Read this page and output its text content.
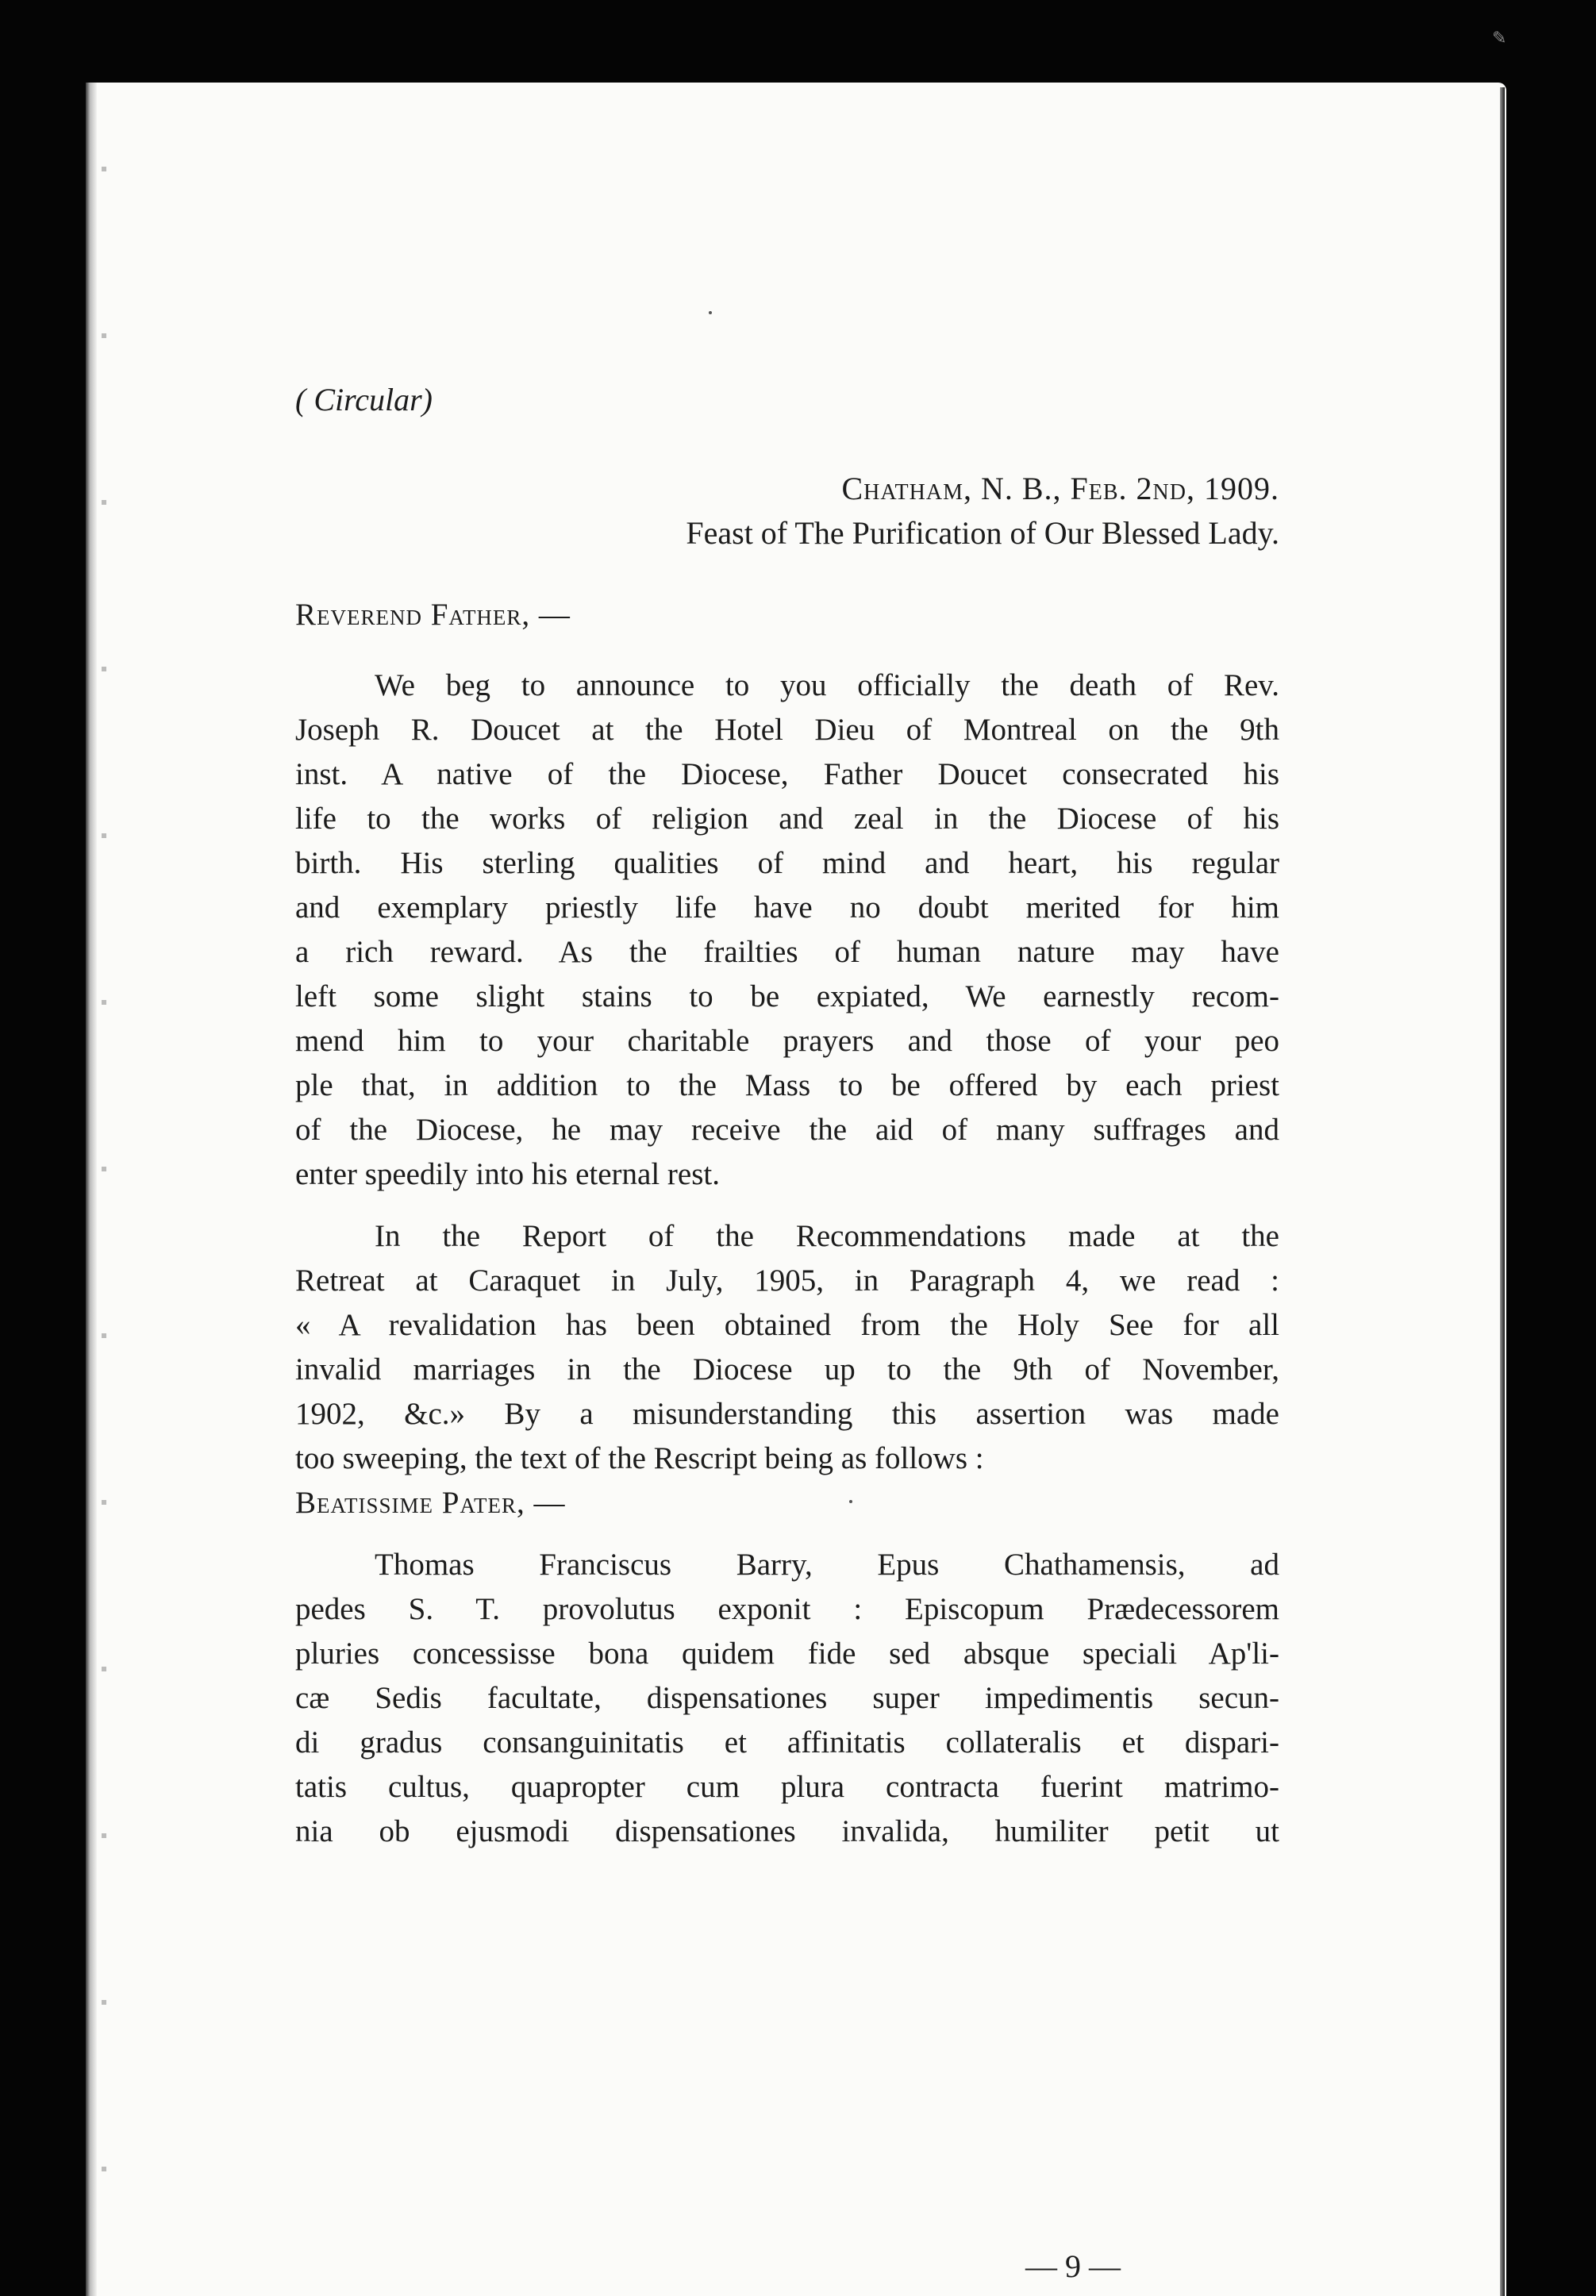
✎
( Circular)
Chatham, N. B., Feb. 2nd, 1909.
Feast of The Purification of Our Blessed Lady.
Reverend Father, —
We beg to announce to you officially the death of Rev.
Joseph R. Doucet at the Hotel Dieu of Montreal on the 9th
inst. A native of the Diocese, Father Doucet consecrated his
life to the works of religion and zeal in the Diocese of his
birth. His sterling qualities of mind and heart, his regular
and exemplary priestly life have no doubt merited for him
a rich reward. As the frailties of human nature may have
left some slight stains to be expiated, We earnestly recom-
mend him to your charitable prayers and those of your peo
ple that, in addition to the Mass to be offered by each priest
of the Diocese, he may receive the aid of many suffrages and
enter speedily into his eternal rest.
In the Report of the Recommendations made at the
Retreat at Caraquet in July, 1905, in Paragraph 4, we read :
« A revalidation has been obtained from the Holy See for all
invalid marriages in the Diocese up to the 9th of November,
1902, &c.» By a misunderstanding this assertion was made
too sweeping, the text of the Rescript being as follows :
Beatissime Pater, —
Thomas Franciscus Barry, Epus Chathamensis, ad
pedes S. T. provolutus exponit : Episcopum Prædecessorem
pluries concessisse bona quidem fide sed absque speciali Ap'li-
cæ Sedis facultate, dispensationes super impedimentis secun-
di gradus consanguinitatis et affinitatis collateralis et dispari-
tatis cultus, quapropter cum plura contracta fuerint matrimo-
nia ob ejusmodi dispensationes invalida, humiliter petit ut
— 9 —
